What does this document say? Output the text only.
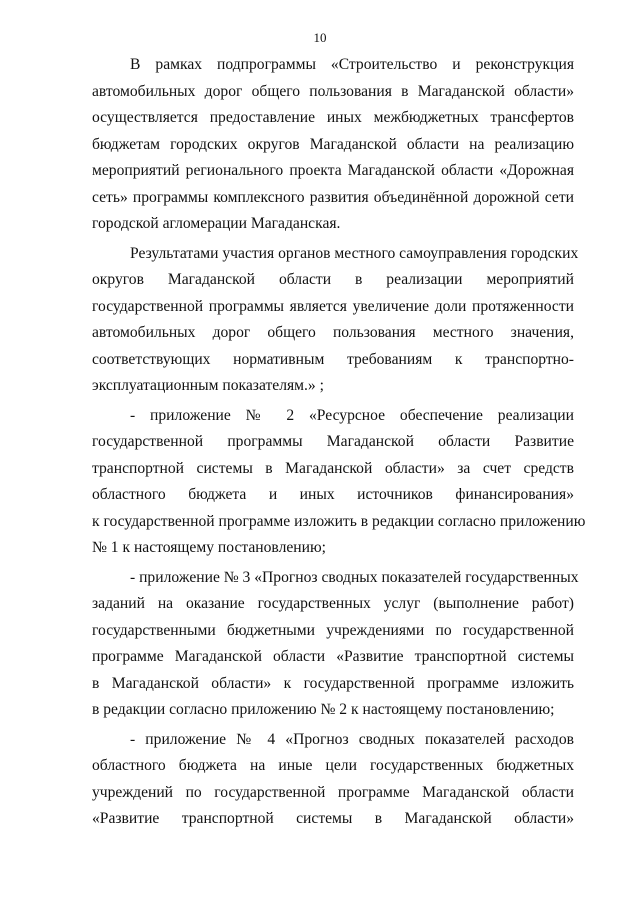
10
В рамках подпрограммы «Строительство и реконструкция
автомобильных дорог общего пользования в Магаданской области»
осуществляется предоставление иных межбюджетных трансфертов
бюджетам городских округов Магаданской области на реализацию
мероприятий регионального проекта Магаданской области «Дорожная
сеть» программы комплексного развития объединённой дорожной сети
городской агломерации Магаданская.
Результатами участия органов местного самоуправления городских
округов Магаданской области в реализации мероприятий
государственной программы является увеличение доли протяженности
автомобильных дорог общего пользования местного значения,
соответствующих нормативным требованиям к транспортно-
эксплуатационным показателям.» ;
- приложение № 2 «Ресурсное обеспечение реализации
государственной программы Магаданской области Развитие
транспортной системы в Магаданской области» за счет средств
областного бюджета и иных источников финансирования»
к государственной программе изложить в редакции согласно приложению
№ 1 к настоящему постановлению;
- приложение № 3 «Прогноз сводных показателей государственных
заданий на оказание государственных услуг (выполнение работ)
государственными бюджетными учреждениями по государственной
программе Магаданской области «Развитие транспортной системы
в Магаданской области» к государственной программе изложить
в редакции согласно приложению № 2 к настоящему постановлению;
- приложение № 4 «Прогноз сводных показателей расходов
областного бюджета на иные цели государственных бюджетных
учреждений по государственной программе Магаданской области
«Развитие транспортной системы в Магаданской области»
